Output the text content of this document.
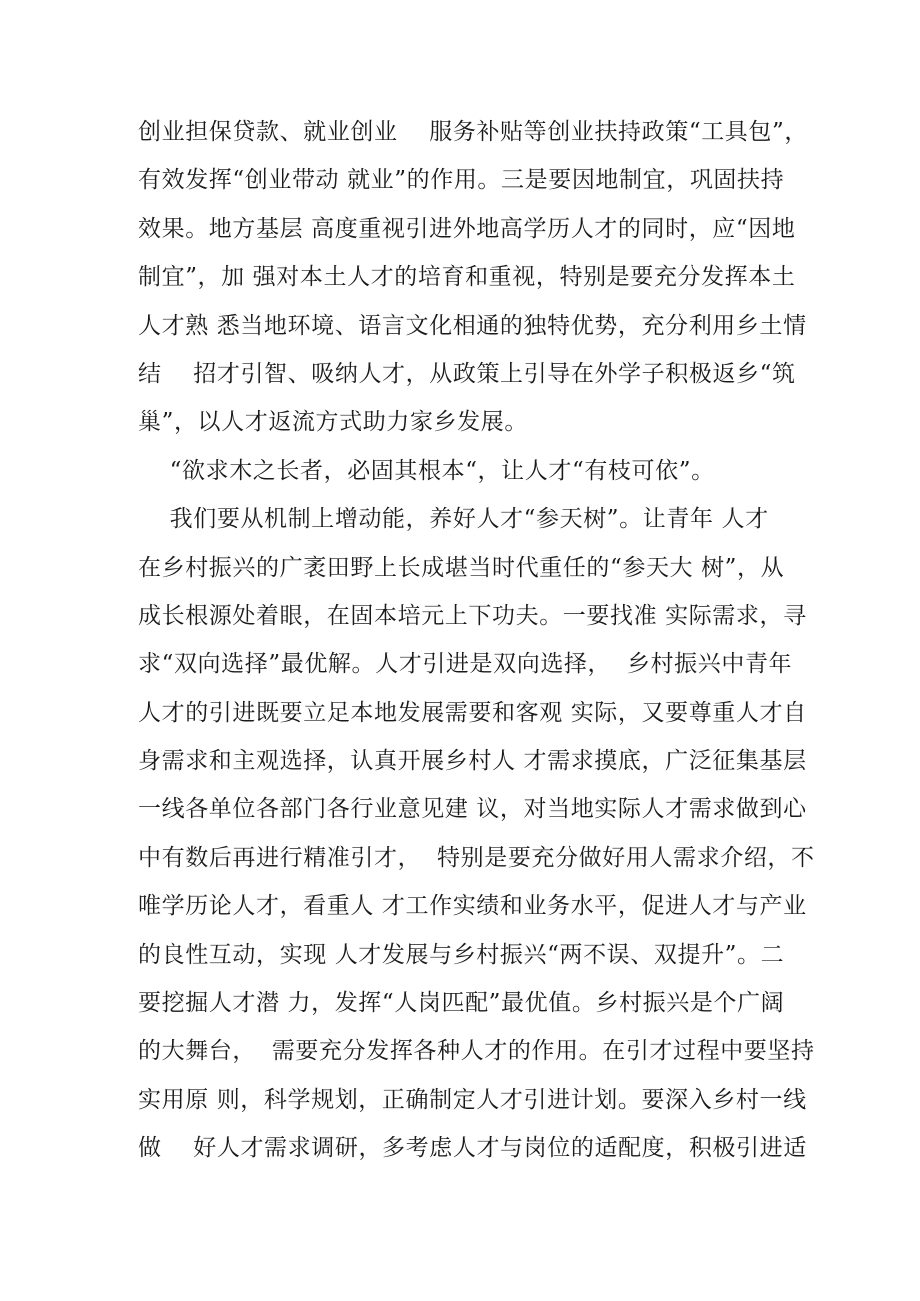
创业担保贷款、就业创业    服务补贴等创业扶持政策“工具包”，
有效发挥“创业带动 就业”的作用。三是要因地制宜，巩固扶持
效果。地方基层 高度重视引进外地高学历人才的同时，应“因地
制宜”，加 强对本土人才的培育和重视，特别是要充分发挥本土
人才熟 悉当地环境、语言文化相通的独特优势，充分利用乡土情
结    招才引智、吸纳人才，从政策上引导在外学子积极返乡“筑
巢”，以人才返流方式助力家乡发展。
“欲求木之长者，必固其根本“，让人才“有枝可依”。
我们要从机制上增动能，养好人才“参天树”。让青年 人才
在乡村振兴的广袤田野上长成堪当时代重任的“参天大 树”，从
成长根源处着眼，在固本培元上下功夫。一要找准 实际需求，寻
求“双向选择”最优解。人才引进是双向选择，  乡村振兴中青年
人才的引进既要立足本地发展需要和客观 实际，又要尊重人才自
身需求和主观选择，认真开展乡村人 才需求摸底，广泛征集基层
一线各单位各部门各行业意见建 议，对当地实际人才需求做到心
中有数后再进行精准引才，  特别是要充分做好用人需求介绍，不
唯学历论人才，看重人 才工作实绩和业务水平，促进人才与产业
的良性互动，实现 人才发展与乡村振兴“两不误、双提升”。二
要挖掘人才潜 力，发挥“人岗匹配”最优值。乡村振兴是个广阔
的大舞台，  需要充分发挥各种人才的作用。在引才过程中要坚持
实用原 则，科学规划，正确制定人才引进计划。要深入乡村一线
做    好人才需求调研，多考虑人才与岗位的适配度，积极引进适
